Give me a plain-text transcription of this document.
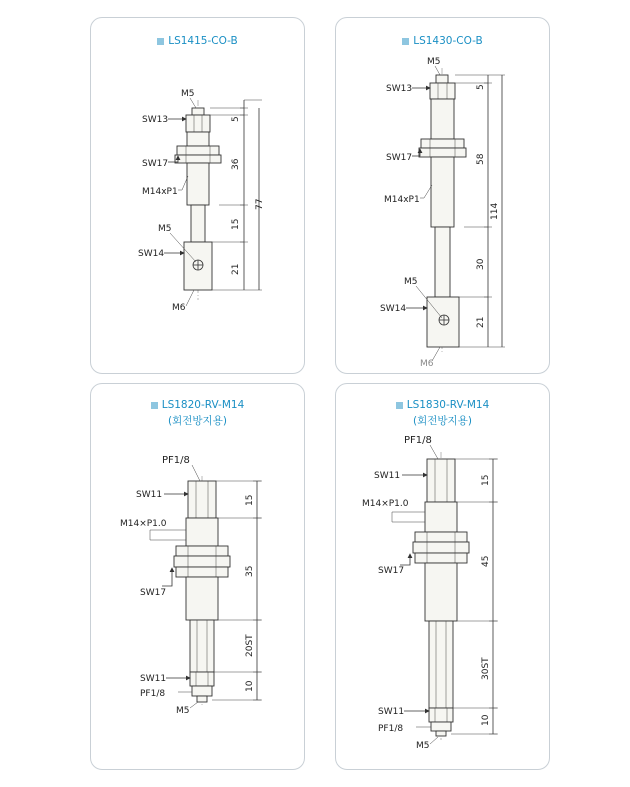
LS1415-CO-B	LS1430-CO-B
LS1820-RV-M14
(회전방지용)
LS1830-RV-M14
(회전방지용)
5
36
15
21
77
M5
SW13
SW17
M14xP1
M5
SW14
M6
5
58
30
21
114
M5
SW13
SW17
M14xP1
M5
SW14
M6
15
35
20ST
10
PF1/8
SW11
M14×P1.0
SW17
SW11
PF1/8
M5
15
45
30ST
10
PF1/8
SW11
M14×P1.0
SW17
SW11
PF1/8
M5
